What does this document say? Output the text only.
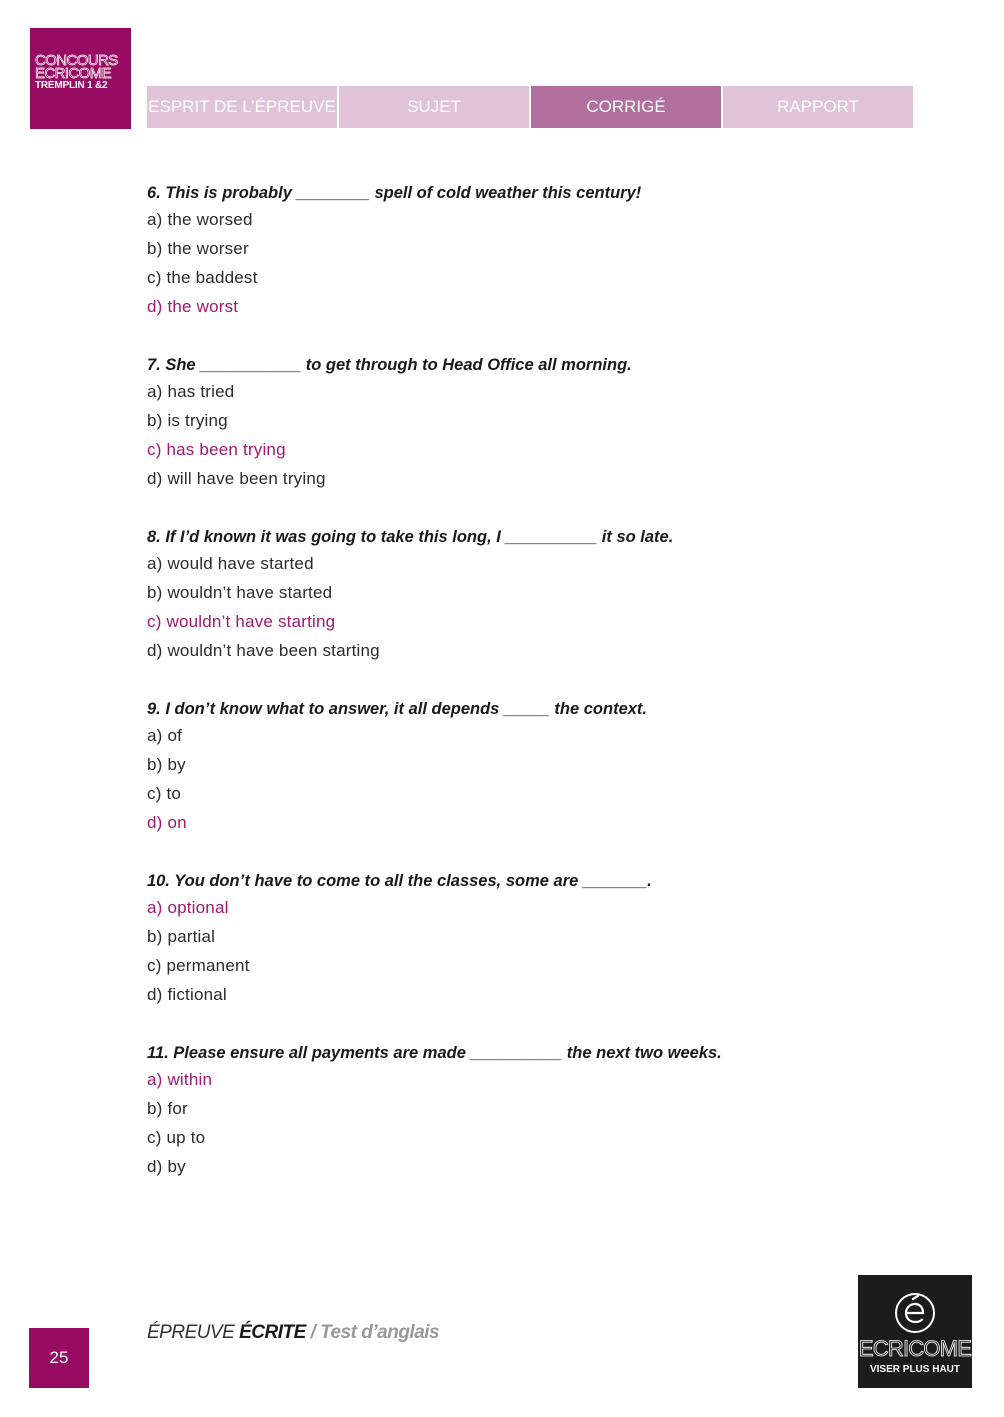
CONCOURS
ECRICOME
TREMPLIN 1 &2
ESPRIT DE L’ÉPREUVE	SUJET	CORRIGÉ	RAPPORT
6. This is probably ________ spell of cold weather this century!
a) the worsed
b) the worser
c) the baddest
d) the worst
7. She ___________ to get through to Head Office all morning.
a) has tried
b) is trying
c) has been trying
d) will have been trying
8. If I’d known it was going to take this long, I __________ it so late.
a) would have started
b) wouldn’t have started
c) wouldn’t have starting
d) wouldn’t have been starting
9. I don’t know what to answer, it all depends _____ the context.
a) of
b) by
c) to
d) on
10. You don’t have to come to all the classes, some are _______.
a) optional
b) partial
c) permanent
d) fictional
11. Please ensure all payments are made __________ the next two weeks.
a) within
b) for
c) up to
d) by
25
ÉPREUVE ÉCRITE / Test d’anglais
ECRICOME
VISER PLUS HAUT
